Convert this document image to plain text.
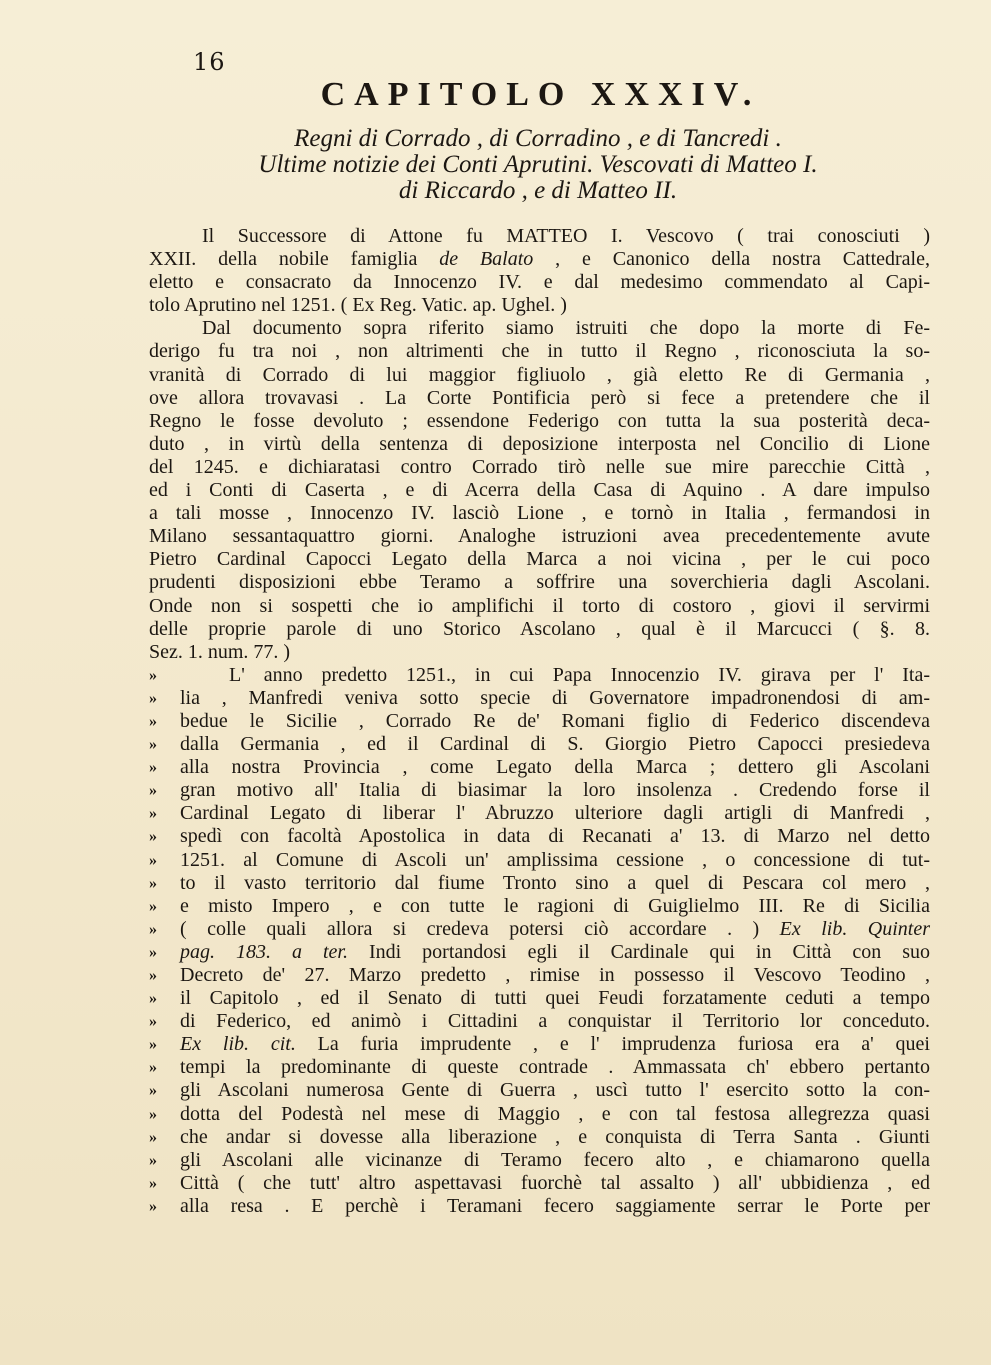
16
CAPITOLO XXXIV.
Regni di Corrado , di Corradino , e di Tancredi .
Ultime notizie dei Conti Aprutini. Vescovati di Matteo I.
di Riccardo , e di Matteo II.
Il Successore di Attone fu MATTEO I. Vescovo ( trai conosciuti )
XXII. della nobile famiglia de Balato , e Canonico della nostra Cattedrale,
eletto e consacrato da Innocenzo IV. e dal medesimo commendato al Capi-
tolo Aprutino nel 1251. ( Ex Reg. Vatic. ap. Ughel. )
Dal documento sopra riferito siamo istruiti che dopo la morte di Fe-
derigo fu tra noi , non altrimenti che in tutto il Regno , riconosciuta la so-
vranità di Corrado di lui maggior figliuolo , già eletto Re di Germania ,
ove allora trovavasi . La Corte Pontificia però si fece a pretendere che il
Regno le fosse devoluto ; essendone Federigo con tutta la sua posterità deca-
duto , in virtù della sentenza di deposizione interposta nel Concilio di Lione
del 1245. e dichiaratasi contro Corrado tirò nelle sue mire parecchie Città ,
ed i Conti di Caserta , e di Acerra della Casa di Aquino . A dare impulso
a tali mosse , Innocenzo IV. lasciò Lione , e tornò in Italia , fermandosi in
Milano sessantaquattro giorni. Analoghe istruzioni avea precedentemente avute
Pietro Cardinal Capocci Legato della Marca a noi vicina , per le cui poco
prudenti disposizioni ebbe Teramo a soffrire una soverchieria dagli Ascolani.
Onde non si sospetti che io amplifichi il torto di costoro , giovi il servirmi
delle proprie parole di uno Storico Ascolano , qual è il Marcucci ( §. 8.
Sez. 1. num. 77. )
»	L' anno predetto 1251., in cui Papa Innocenzio IV. girava per l' Ita-
» lia , Manfredi veniva sotto specie di Governatore impadronendosi di am-
» bedue le Sicilie , Corrado Re de' Romani figlio di Federico discendeva
» dalla Germania , ed il Cardinal di S. Giorgio Pietro Capocci presiedeva
» alla nostra Provincia , come Legato della Marca ; dettero gli Ascolani
» gran motivo all' Italia di biasimar la loro insolenza . Credendo forse il
» Cardinal Legato di liberar l' Abruzzo ulteriore dagli artigli di Manfredi ,
» spedì con facoltà Apostolica in data di Recanati a' 13. di Marzo nel detto
» 1251. al Comune di Ascoli un' amplissima cessione , o concessione di tut-
» to il vasto territorio dal fiume Tronto sino a quel di Pescara col mero ,
» e misto Impero , e con tutte le ragioni di Guiglielmo III. Re di Sicilia
» ( colle quali allora si credeva potersi ciò accordare . ) Ex lib. Quinter
» pag. 183. a ter. Indi portandosi egli il Cardinale qui in Città con suo
» Decreto de' 27. Marzo predetto , rimise in possesso il Vescovo Teodino ,
» il Capitolo , ed il Senato di tutti quei Feudi forzatamente ceduti a tempo
» di Federico, ed animò i Cittadini a conquistar il Territorio lor conceduto.
» Ex lib. cit. La furia imprudente , e l' imprudenza furiosa era a' quei
» tempi la predominante di queste contrade . Ammassata ch' ebbero pertanto
» gli Ascolani numerosa Gente di Guerra , uscì tutto l' esercito sotto la con-
» dotta del Podestà nel mese di Maggio , e con tal festosa allegrezza quasi
» che andar si dovesse alla liberazione , e conquista di Terra Santa . Giunti
» gli Ascolani alle vicinanze di Teramo fecero alto , e chiamarono quella
» Città ( che tutt' altro aspettavasi fuorchè tal assalto ) all' ubbidienza , ed
» alla resa . E perchè i Teramani fecero saggiamente serrar le Porte per
